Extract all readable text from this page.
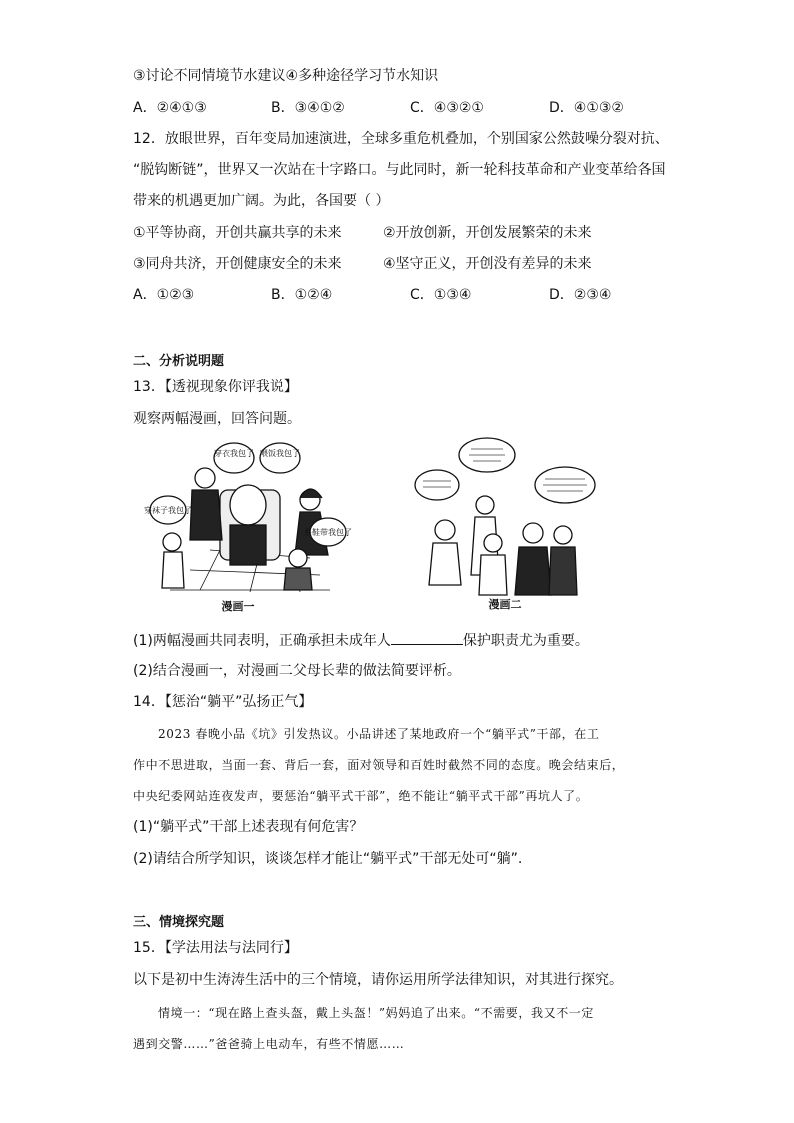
③讨论不同情境节水建议④多种途径学习节水知识
A．②④①③	B．③④①②	C．④③②①	D．④①③②
12．放眼世界，百年变局加速演进，全球多重危机叠加，个别国家公然鼓噪分裂对抗、
“脱钩断链”，世界又一次站在十字路口。与此同时，新一轮科技革命和产业变革给各国
带来的机遇更加广阔。为此，各国要（ ）
①平等协商，开创共赢共享的未来	②开放创新，开创发展繁荣的未来
③同舟共济，开创健康安全的未来	④坚守正义，开创没有差异的未来
A．①②③	B．①②④	C．①③④	D．②③④
二、分析说明题
13．【透视现象你评我说】
观察两幅漫画，回答问题。
穿衣我包了 喂饭我包了
穿袜子我包了
系鞋带我包了
漫画一	漫画二
(1)两幅漫画共同表明，正确承担未成年人	保护职责尤为重要。
(2)结合漫画一，对漫画二父母长辈的做法简要评析。
14．【惩治“躺平”弘扬正气】
2023 春晚小品《坑》引发热议。小品讲述了某地政府一个“躺平式”干部，在工
作中不思进取，当面一套、背后一套，面对领导和百姓时截然不同的态度。晚会结束后，
中央纪委网站连夜发声，要惩治“躺平式干部”，绝不能让“躺平式干部”再坑人了。
(1)“躺平式”干部上述表现有何危害？
(2)请结合所学知识，谈谈怎样才能让“躺平式”干部无处可“躺”.
三、情境探究题
15．【学法用法与法同行】
以下是初中生涛涛生活中的三个情境，请你运用所学法律知识，对其进行探究。
情境一：“现在路上查头盔，戴上头盔！”妈妈追了出来。“不需要，我又不一定
遇到交警……”爸爸骑上电动车，有些不情愿……
